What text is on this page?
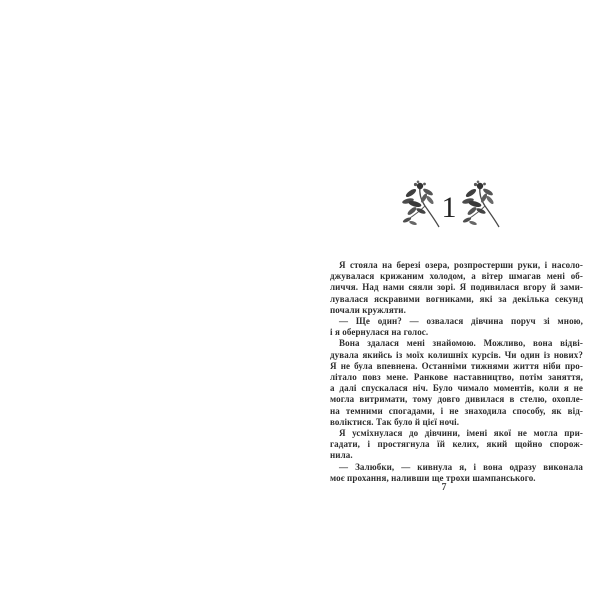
1
Я стояла на березі озера, розпростерши руки, і насоло-
джувалася крижаним холодом, а вітер шмагав мені об-
личчя. Над нами сяяли зорі. Я подивилася вгору й зами-
лувалася яскравими вогниками, які за декілька секунд
почали кружляти.
— Ще один? — озвалася дівчина поруч зі мною,
і я обернулася на голос.
Вона здалася мені знайомою. Можливо, вона відві-
дувала якийсь із моїх колишніх курсів. Чи один із нових?
Я не була впевнена. Останніми тижнями життя ніби про-
літало повз мене. Ранкове наставництво, потім заняття,
а далі спускалася ніч. Було чимало моментів, коли я не
могла витримати, тому довго дивилася в стелю, охопле-
на темними спогадами, і не знаходила способу, як від-
воліктися. Так було й цієї ночі.
Я усміхнулася до дівчини, імені якої не могла при-
гадати, і простягнула їй келих, який щойно спорож-
нила.
— Залюбки, — кивнула я, і вона одразу виконала
моє прохання, наливши ще трохи шампанського.
7
